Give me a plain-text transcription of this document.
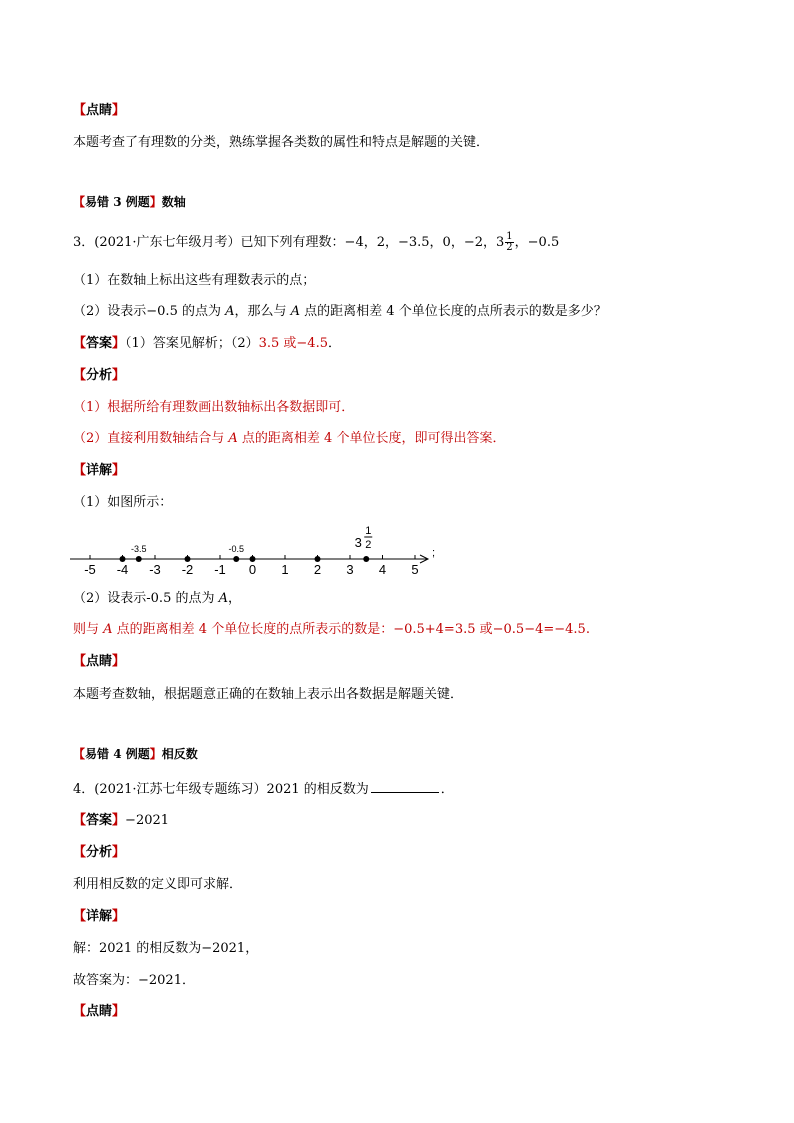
【点睛】
本题考查了有理数的分类，熟练掌握各类数的属性和特点是解题的关键．
【易错 3 例题】数轴
3．(2021·广东七年级月考）已知下列有理数：−4，2，−3.5，0，−2，$3 \frac{1}{2}$ ，−0.5
（1）在数轴上标出这些有理数表示的点；
（2）设表示−0.5 的点为 A，那么与 A 点的距离相差 4 个单位长度的点所表示的数是多少？
【答案】（1）答案见解析；（2）3.5 或−4.5．
【分析】
（1）根据所给有理数画出数轴标出各数据即可．
（2）直接利用数轴结合与 A 点的距离相差 4 个单位长度，即可得出答案．
【详解】
（1）如图所示：
-5 -4 -3 -2 -1 0 1 2 3 4 5
-3.5	-0.5	3
1
2
;
（2）设表示-0.5 的点为 A，
则与 A 点的距离相差 4 个单位长度的点所表示的数是：−0.5+4=3.5 或−0.5−4=−4.5.
【点睛】
本题考查数轴，根据题意正确的在数轴上表示出各数据是解题关键．
【易错 4 例题】相反数
4．(2021·江苏七年级专题练习）2021 的相反数为	．
【答案】−2021
【分析】
利用相反数的定义即可求解．
【详解】
解：2021 的相反数为−2021，
故答案为：−2021．
【点睛】
